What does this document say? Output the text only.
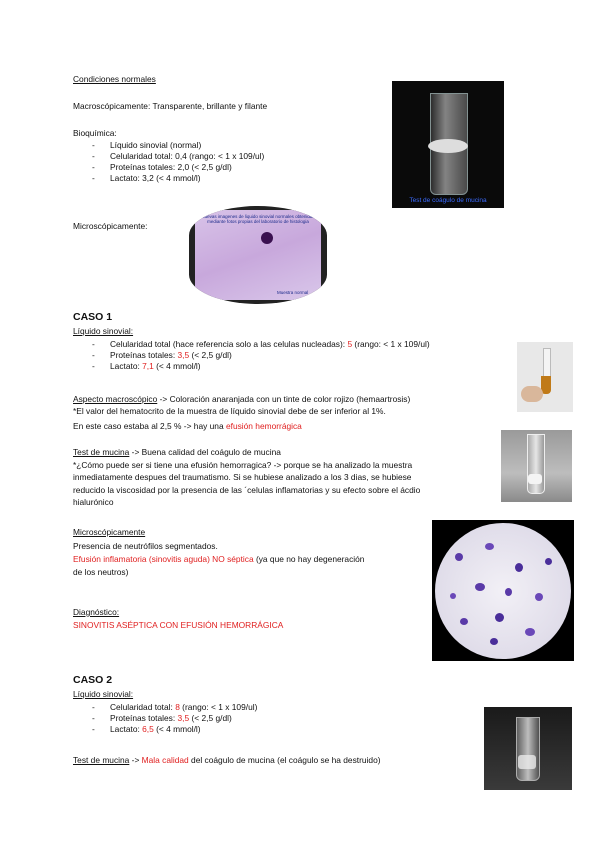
Condiciones normales
Macroscópicamente: Transparente, brillante y filante
Bioquímica:
- Líquido sinovial (normal)
- Celularidad total: 0,4 (rango: < 1 x 109/ul)
- Proteínas totales: 2,0 (< 2,5 g/dl)
- Lactato: 3,2 (< 4 mmol/l)
Microscópicamente:
Test de coágulo de mucina
Nuevas imagenes de liquido sinovial normales obtenidas
mediante fotos propias del laboratorio de histologia
Muestra normal
CASO 1
Líquido sinovial:
- Celularidad total (hace referencia solo a las celulas nucleadas): 5 (rango: < 1 x 109/ul)
- Proteínas totales: 3,5 (< 2,5 g/dl)
- Lactato: 7,1 (< 4 mmol/l)
Aspecto macroscópico -> Coloración anaranjada con un tinte de color rojizo (hemaartrosis)
*El valor del hematocrito de la muestra de líquido sinovial debe de ser inferior al 1%.
En este caso estaba al 2,5 % -> hay una efusión hemorrágica
Test de mucina -> Buena calidad del coágulo de mucina
*¿Cómo puede ser si tiene una efusión hemorragica? -> porque se ha analizado la muestra
inmediatamente despues del traumatismo. Si se hubiese analizado a los 3 dias, se hubiese
reducido la viscosidad por la presencia de las ´celulas inflamatorias y su efecto sobre el ácdio
hialurónico
Microscópicamente
Presencia de neutrófilos segmentados.
Efusión inflamatoria (sinovitis aguda) NO séptica (ya que no hay degeneración
de los neutros)
Diagnóstico:
SINOVITIS ASÉPTICA CON EFUSIÓN HEMORRÁGICA
CASO 2
Líquido sinovial:
- Celularidad total: 8 (rango: < 1 x 109/ul)
- Proteínas totales: 3,5 (< 2,5 g/dl)
- Lactato: 6,5 (< 4 mmol/l)
Test de mucina -> Mala calidad del coágulo de mucina (el coágulo se ha destruido)
